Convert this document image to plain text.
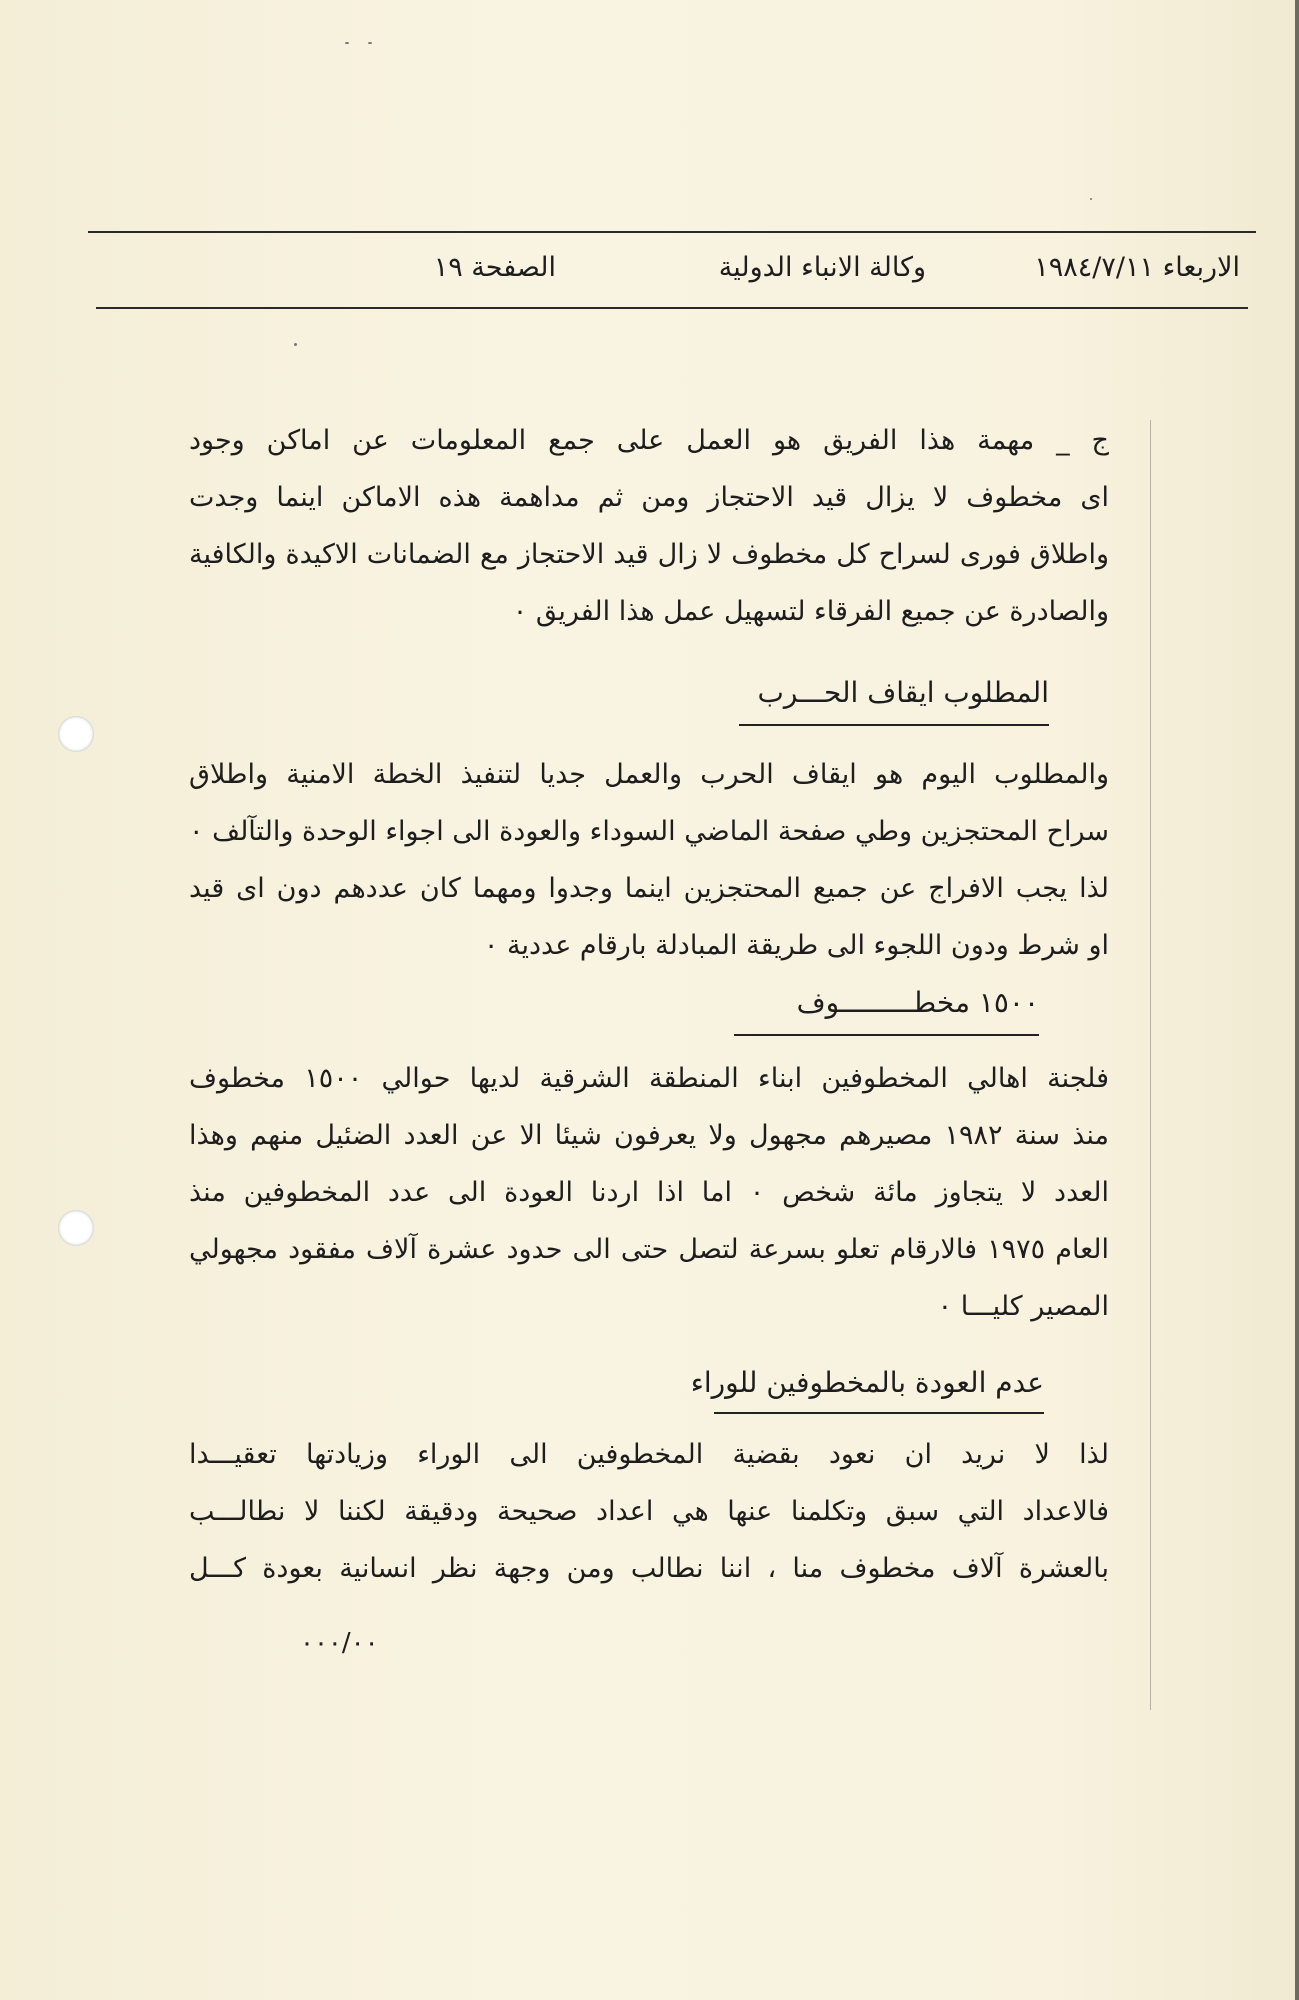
الاربعاء ١٩٨٤/٧/١١
وكالة الانباء الدولية
الصفحة ١٩
ج _ مهمة هذا الفريق هو العمل على جمع المعلومات عن اماكن وجود
اى مخطوف لا يزال قيد الاحتجاز ومن ثم مداهمة هذه الاماكن اينما وجدت
واطلاق فورى لسراح كل مخطوف لا زال قيد الاحتجاز مع الضمانات الاكيدة والكافية
والصادرة عن جميع الفرقاء لتسهيل عمل هذا الفريق ٠
المطلوب ايقاف الحـــرب
والمطلوب اليوم هو ايقاف الحرب والعمل جديا لتنفيذ الخطة الامنية واطلاق
سراح المحتجزين وطي صفحة الماضي السوداء والعودة الى اجواء الوحدة والتآلف ٠
لذا يجب الافراج عن جميع المحتجزين اينما وجدوا ومهما كان عددهم دون اى قيد
او شرط ودون اللجوء الى طريقة المبادلة بارقام عددية ٠
١٥٠٠ مخطـــــــــوف
فلجنة اهالي المخطوفين ابناء المنطقة الشرقية لديها حوالي ١٥٠٠ مخطوف
منذ سنة ١٩٨٢ مصيرهم مجهول ولا يعرفون شيئا الا عن العدد الضئيل منهم وهذا
العدد لا يتجاوز مائة شخص ٠ اما اذا اردنا العودة الى عدد المخطوفين منذ
العام ١٩٧٥ فالارقام تعلو بسرعة لتصل حتى الى حدود عشرة آلاف مفقود مجهولي
المصير كليـــا ٠
عدم العودة بالمخطوفين للوراء
لذا لا نريد ان نعود بقضية المخطوفين الى الوراء وزيادتها تعقيـــدا
فالاعداد التي سبق وتكلمنا عنها هي اعداد صحيحة ودقيقة لكننا لا نطالـــب
بالعشرة آلاف مخطوف منا ، اننا نطالب ومن وجهة نظر انسانية بعودة كـــل
٠٠٠/٠٠
